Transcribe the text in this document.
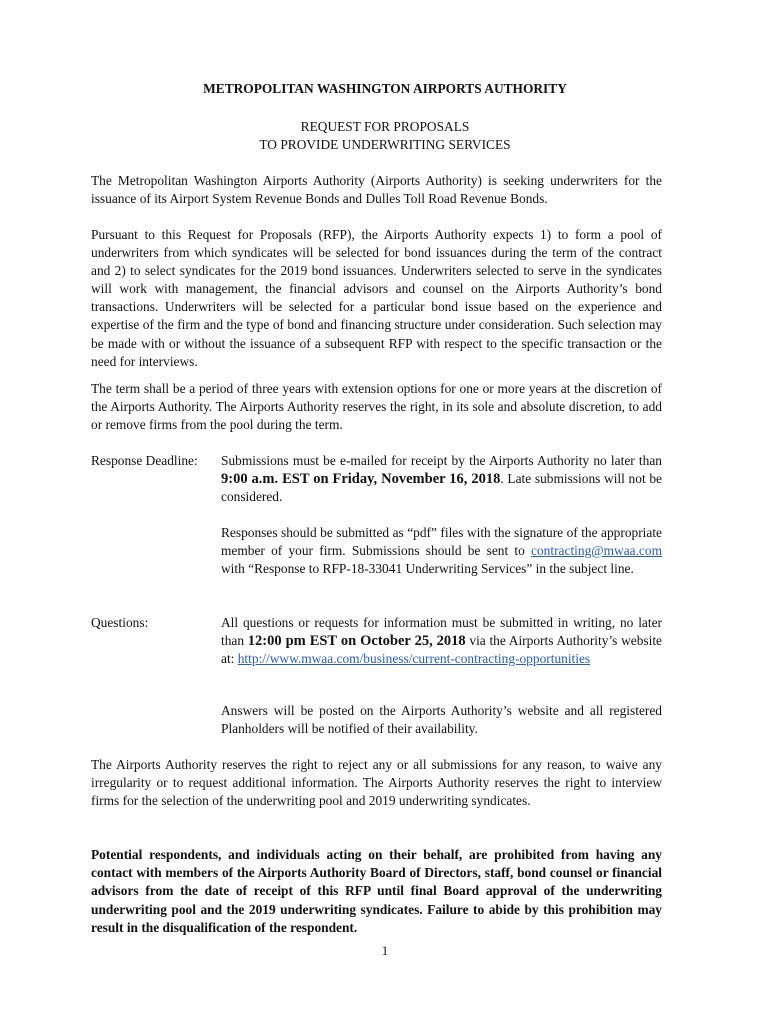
METROPOLITAN WASHINGTON AIRPORTS AUTHORITY
REQUEST FOR PROPOSALS
TO PROVIDE UNDERWRITING SERVICES
The Metropolitan Washington Airports Authority (Airports Authority) is seeking underwriters for the issuance of its Airport System Revenue Bonds and Dulles Toll Road Revenue Bonds.
Pursuant to this Request for Proposals (RFP), the Airports Authority expects 1) to form a pool of underwriters from which syndicates will be selected for bond issuances during the term of the contract and 2) to select syndicates for the 2019 bond issuances. Underwriters selected to serve in the syndicates will work with management, the financial advisors and counsel on the Airports Authority’s bond transactions. Underwriters will be selected for a particular bond issue based on the experience and expertise of the firm and the type of bond and financing structure under consideration. Such selection may be made with or without the issuance of a subsequent RFP with respect to the specific transaction or the need for interviews.
The term shall be a period of three years with extension options for one or more years at the discretion of the Airports Authority. The Airports Authority reserves the right, in its sole and absolute discretion, to add or remove firms from the pool during the term.
Response Deadline: Submissions must be e-mailed for receipt by the Airports Authority no later than 9:00 a.m. EST on Friday, November 16, 2018. Late submissions will not be considered.
Responses should be submitted as “pdf” files with the signature of the appropriate member of your firm. Submissions should be sent to contracting@mwaa.com with “Response to RFP-18-33041 Underwriting Services” in the subject line.
Questions:	All questions or requests for information must be submitted in writing, no later than 12:00 pm EST on October 25, 2018 via the Airports Authority’s website at: http://www.mwaa.com/business/current-contracting-opportunities
Answers will be posted on the Airports Authority’s website and all registered Planholders will be notified of their availability.
The Airports Authority reserves the right to reject any or all submissions for any reason, to waive any irregularity or to request additional information. The Airports Authority reserves the right to interview firms for the selection of the underwriting pool and 2019 underwriting syndicates.
Potential respondents, and individuals acting on their behalf, are prohibited from having any contact with members of the Airports Authority Board of Directors, staff, bond counsel or financial advisors from the date of receipt of this RFP until final Board approval of the underwriting underwriting pool and the 2019 underwriting syndicates. Failure to abide by this prohibition may result in the disqualification of the respondent.
1
